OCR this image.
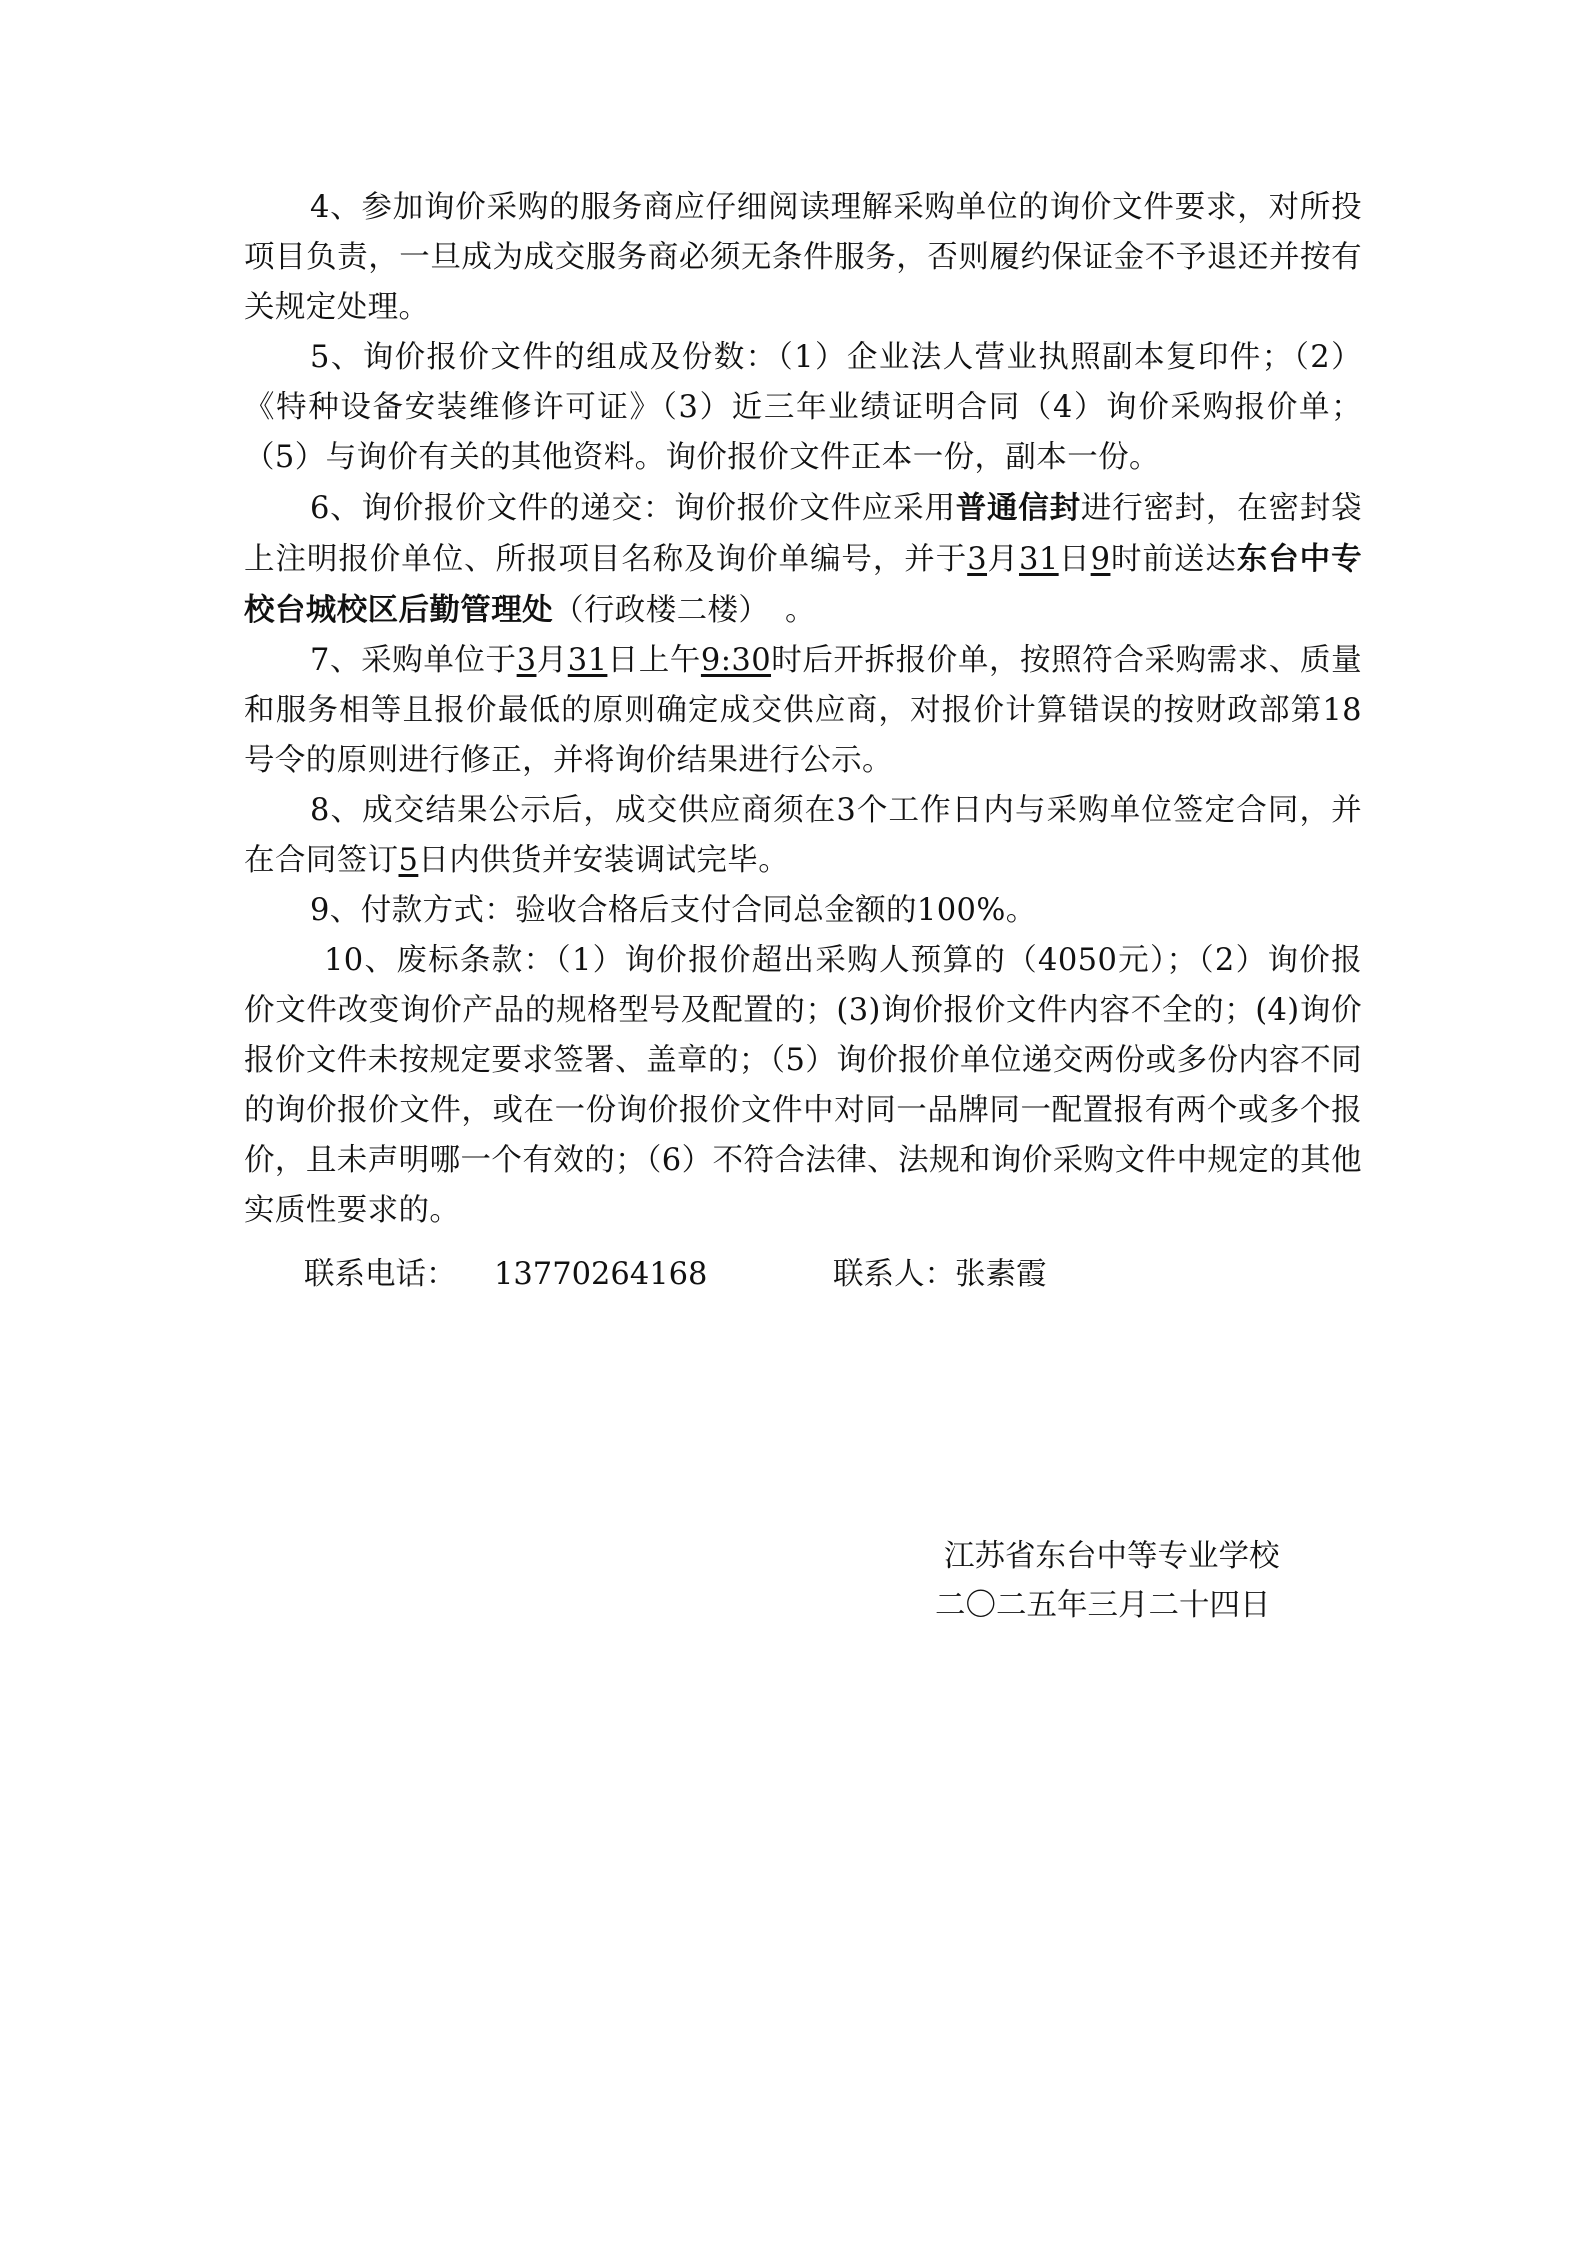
4、参加询价采购的服务商应仔细阅读理解采购单位的询价文件要求，对所投项目负责，一旦成为成交服务商必须无条件服务，否则履约保证金不予退还并按有关规定处理。

5、询价报价文件的组成及份数：（1）企业法人营业执照副本复印件；（2）《特种设备安装维修许可证》（3）近三年业绩证明合同（4）询价采购报价单；（5）与询价有关的其他资料。询价报价文件正本一份，副本一份。

6、询价报价文件的递交：询价报价文件应采用普通信封进行密封，在密封袋上注明报价单位、所报项目名称及询价单编号，并于3月31日9时前送达东台中专校台城校区后勤管理处（行政楼二楼）　。

7、采购单位于3月31日上午9:30时后开拆报价单，按照符合采购需求、质量和服务相等且报价最低的原则确定成交供应商，对报价计算错误的按财政部第18号令的原则进行修正，并将询价结果进行公示。

8、成交结果公示后，成交供应商须在3个工作日内与采购单位签定合同，并在合同签订5日内供货并安装调试完毕。

9、付款方式：验收合格后支付合同总金额的100%。

10、废标条款：（1）询价报价超出采购人预算的（4050元）；（2）询价报价文件改变询价产品的规格型号及配置的；(3)询价报价文件内容不全的；(4)询价报价文件未按规定要求签署、盖章的；（5）询价报价单位递交两份或多份内容不同的询价报价文件，或在一份询价报价文件中对同一品牌同一配置报有两个或多个报价，且未声明哪一个有效的；（6）不符合法律、法规和询价采购文件中规定的其他实质性要求的。

联系电话： 13770264168	联系人：张素霞
江苏省东台中等专业学校
二〇二五年三月二十四日
